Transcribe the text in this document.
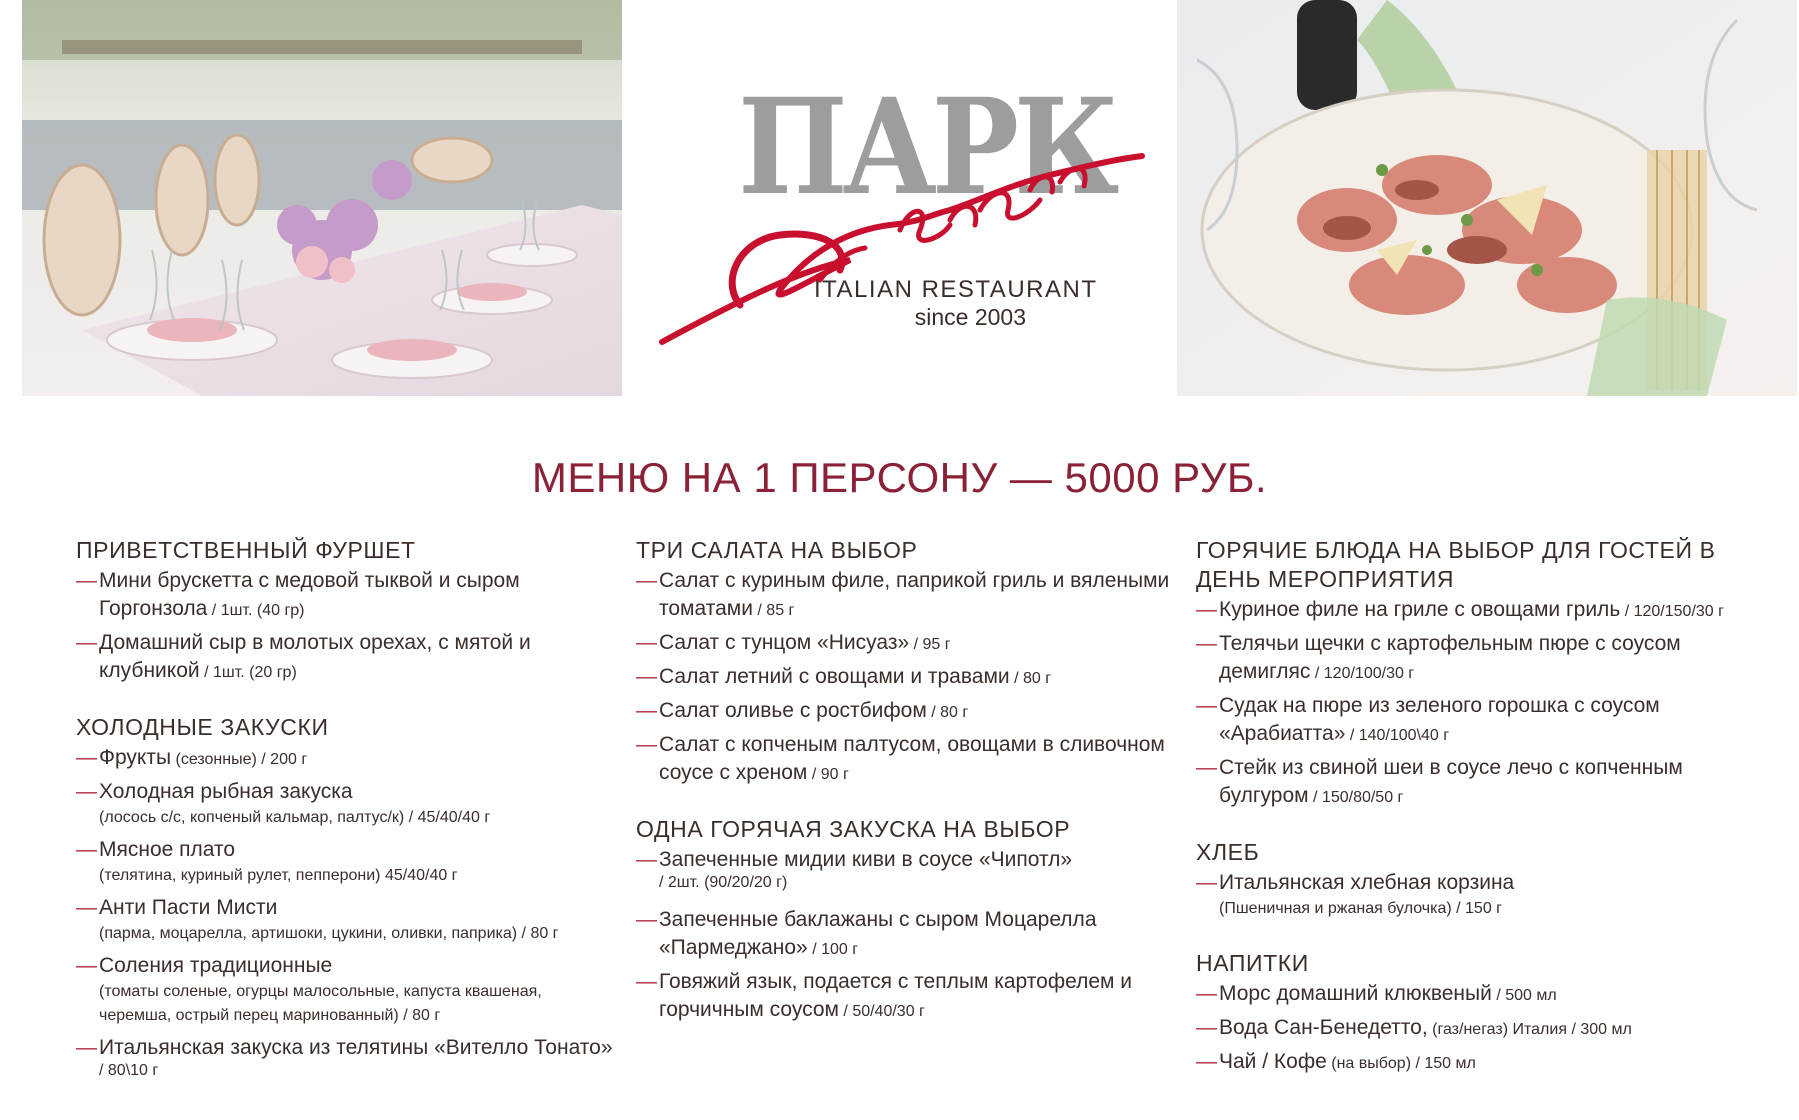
ПАРК
ITALIAN RESTAURANT
since 2003
МЕНЮ НА 1 ПЕРСОНУ — 5000 РУБ.
ПРИВЕТСТВЕННЫЙ ФУРШЕТ
— Мини брускетта с медовой тыквой и сыром Горгонзола / 1шт. (40 гр)
— Домашний сыр в молотых орехах, с мятой и клубникой / 1шт. (20 гр)
ХОЛОДНЫЕ ЗАКУСКИ
— Фрукты (сезонные) / 200 г
— Холодная рыбная закуска
(лосось с/с, копченый кальмар, палтус/к) / 45/40/40 г
— Мясное плато
(телятина, куриный рулет, пепперони) 45/40/40 г
— Анти Пасти Мисти
(парма, моцарелла, артишоки, цукини, оливки, паприка) / 80 г
— Соления традиционные
(томаты соленые, огурцы малосольные, капуста квашеная, черемша, острый перец маринованный) / 80 г
— Итальянская закуска из телятины «Вителло Тонато» / 80\10 г
ТРИ САЛАТА НА ВЫБОР
— Салат с куриным филе, паприкой гриль и вялеными томатами / 85 г
— Салат с тунцом «Нисуаз» / 95 г
— Салат летний с овощами и травами / 80 г
— Салат оливье с ростбифом / 80 г
— Салат с копченым палтусом, овощами в сливочном соусе с хреном / 90 г
ОДНА ГОРЯЧАЯ ЗАКУСКА НА ВЫБОР
— Запеченные мидии киви в соусе «Чипотл» / 2шт. (90/20/20 г)
— Запеченные баклажаны с сыром Моцарелла «Пармеджано» / 100 г
— Говяжий язык, подается с теплым картофелем и горчичным соусом / 50/40/30 г
ГОРЯЧИЕ БЛЮДА НА ВЫБОР ДЛЯ ГОСТЕЙ В ДЕНЬ МЕРОПРИЯТИЯ
— Куриное филе на гриле с овощами гриль / 120/150/30 г
— Телячьи щечки с картофельным пюре с соусом демигляс / 120/100/30 г
— Судак на пюре из зеленого горошка с соусом «Арабиатта» / 140/100\40 г
— Стейк из свиной шеи в соусе лечо с копченным булгуром / 150/80/50 г
ХЛЕБ
— Итальянская хлебная корзина
(Пшеничная и ржаная булочка) / 150 г
НАПИТКИ
— Морс домашний клюквеный / 500 мл
— Вода Сан-Бенедетто, (газ/негаз) Италия / 300 мл
— Чай / Кофе (на выбор) / 150 мл
